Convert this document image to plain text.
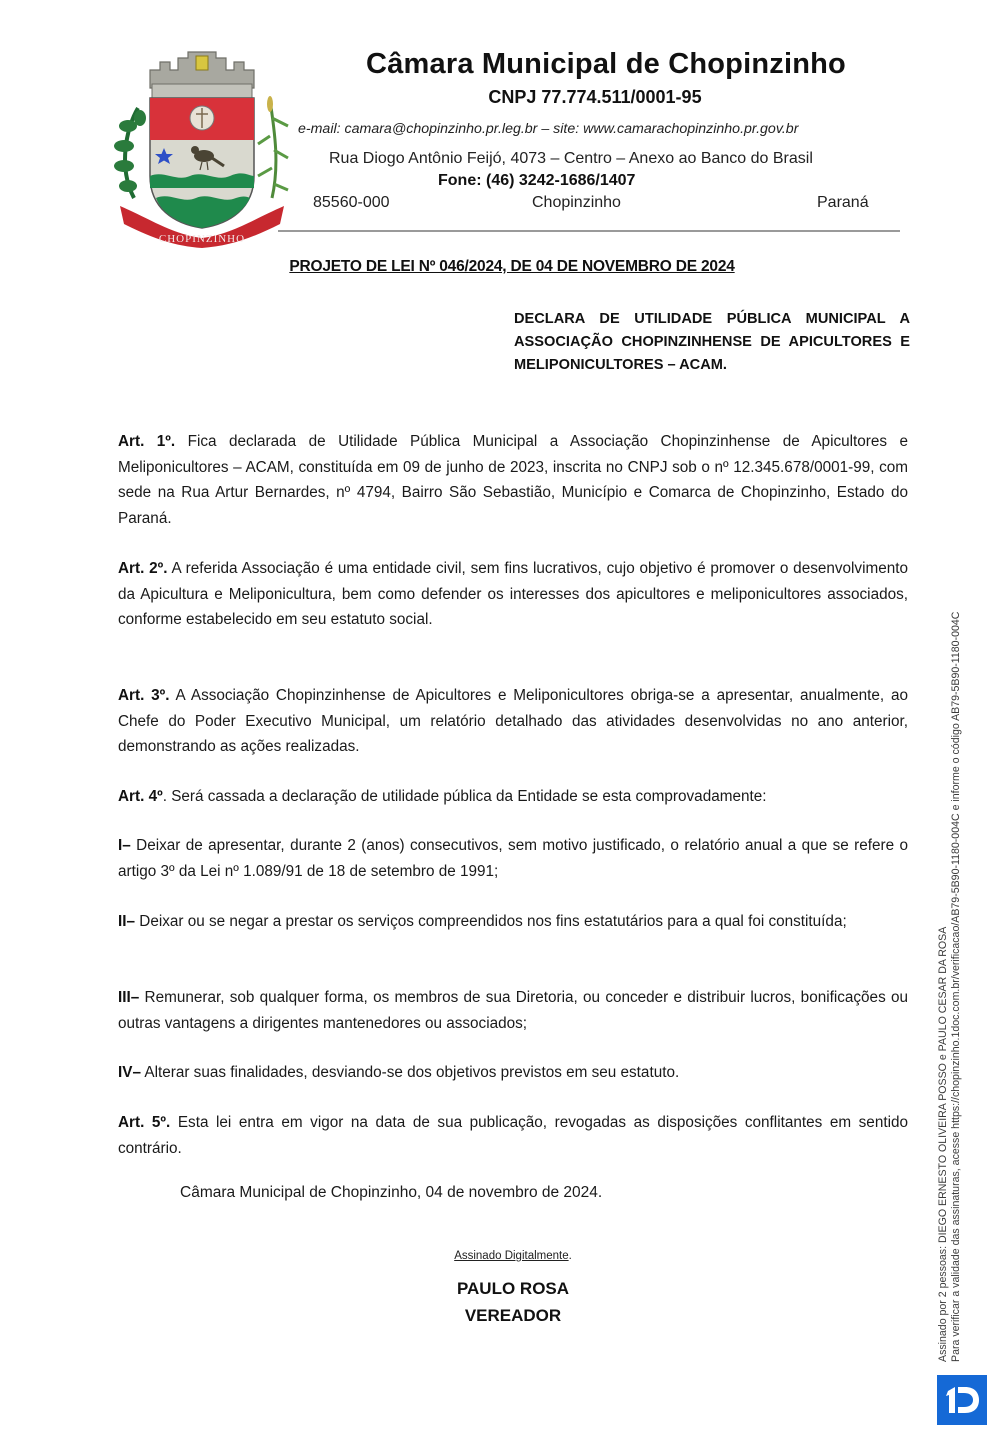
CHOPINZINHO
Câmara Municipal de Chopinzinho
CNPJ 77.774.511/0001-95
e-mail: camara@chopinzinho.pr.leg.br – site: www.camarachopinzinho.pr.gov.br
Rua Diogo Antônio Feijó, 4073 – Centro – Anexo ao Banco do Brasil
Fone: (46) 3242-1686/1407
85560-000	Chopinzinho	Paraná
PROJETO DE LEI Nº 046/2024, DE 04 DE NOVEMBRO DE 2024
DECLARA DE UTILIDADE PÚBLICA MUNICIPAL A ASSOCIAÇÃO CHOPINZINHENSE DE APICULTORES E MELIPONICULTORES – ACAM.
Art. 1º. Fica declarada de Utilidade Pública Municipal a Associação Chopinzinhense de Apicultores e Meliponicultores – ACAM, constituída em 09 de junho de 2023, inscrita no CNPJ sob o nº 12.345.678/0001-99, com sede na Rua Artur Bernardes, nº 4794, Bairro São Sebastião, Município e Comarca de Chopinzinho, Estado do Paraná.
Art. 2º. A referida Associação é uma entidade civil, sem fins lucrativos, cujo objetivo é promover o desenvolvimento da Apicultura e Meliponicultura, bem como defender os interesses dos apicultores e meliponicultores associados, conforme estabelecido em seu estatuto social.
Art. 3º. A Associação Chopinzinhense de Apicultores e Meliponicultores obriga-se a apresentar, anualmente, ao Chefe do Poder Executivo Municipal, um relatório detalhado das atividades desenvolvidas no ano anterior, demonstrando as ações realizadas.
Art. 4º. Será cassada a declaração de utilidade pública da Entidade se esta comprovadamente:
I– Deixar de apresentar, durante 2 (anos) consecutivos, sem motivo justificado, o relatório anual a que se refere o artigo 3º da Lei nº 1.089/91 de 18 de setembro de 1991;
II– Deixar ou se negar a prestar os serviços compreendidos nos fins estatutários para a qual foi constituída;
III– Remunerar, sob qualquer forma, os membros de sua Diretoria, ou conceder e distribuir lucros, bonificações ou outras vantagens a dirigentes mantenedores ou associados;
IV– Alterar suas finalidades, desviando-se dos objetivos previstos em seu estatuto.
Art. 5º. Esta lei entra em vigor na data de sua publicação, revogadas as disposições conflitantes em sentido contrário.
Câmara Municipal de Chopinzinho, 04 de novembro de 2024.
Assinado Digitalmente.
PAULO ROSA
VEREADOR	Assinado por 2 pessoas: DIEGO ERNESTO OLIVEIRA POSSO e PAULO CESAR DA ROSA Para verificar a validade das assinaturas, acesse https://chopinzinho.1doc.com.br/verificacao/AB79-5B90-1180-004C e informe o código AB79-5B90-1180-004C
1D
